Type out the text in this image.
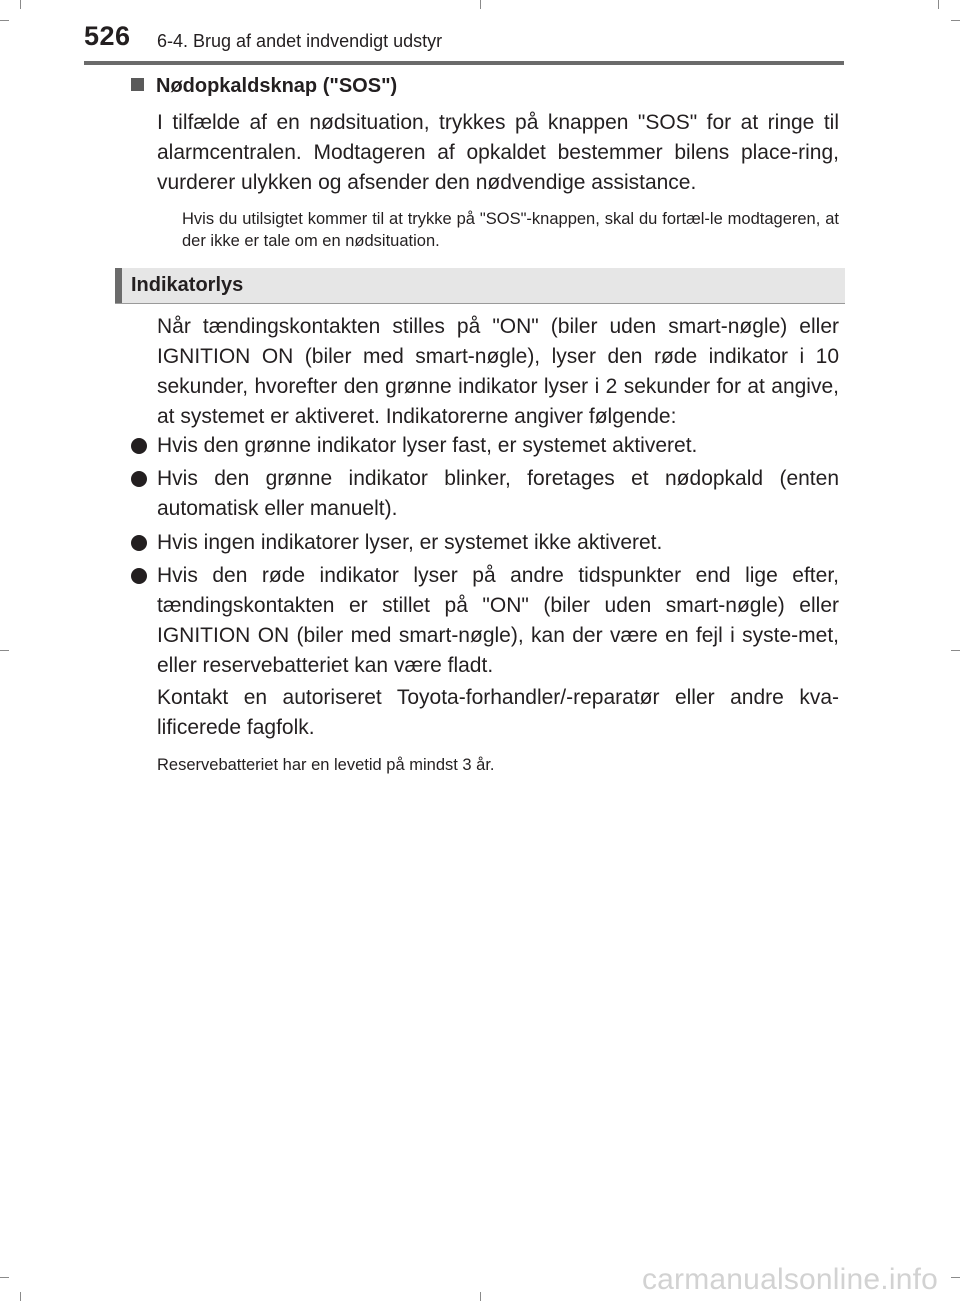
526 6-4. Brug af andet indvendigt udstyr
Nødopkaldsknap ("SOS")
I tilfælde af en nødsituation, trykkes på knappen "SOS" for at ringe til alarmcentralen. Modtageren af opkaldet bestemmer bilens place-ring, vurderer ulykken og afsender den nødvendige assistance.
Hvis du utilsigtet kommer til at trykke på "SOS"-knappen, skal du fortæl-le modtageren, at der ikke er tale om en nødsituation.
Indikatorlys
Når tændingskontakten stilles på "ON" (biler uden smart-nøgle) eller IGNITION ON (biler med smart-nøgle), lyser den røde indikator i 10 sekunder, hvorefter den grønne indikator lyser i 2 sekunder for at angive, at systemet er aktiveret. Indikatorerne angiver følgende:
Hvis den grønne indikator lyser fast, er systemet aktiveret.
Hvis den grønne indikator blinker, foretages et nødopkald (enten automatisk eller manuelt).
Hvis ingen indikatorer lyser, er systemet ikke aktiveret.
Hvis den røde indikator lyser på andre tidspunkter end lige efter, tændingskontakten er stillet på "ON" (biler uden smart-nøgle) eller IGNITION ON (biler med smart-nøgle), kan der være en fejl i syste-met, eller reservebatteriet kan være fladt.
Kontakt en autoriseret Toyota-forhandler/-reparatør eller andre kva-lificerede fagfolk.
Reservebatteriet har en levetid på mindst 3 år.
carmanualsonline.info
